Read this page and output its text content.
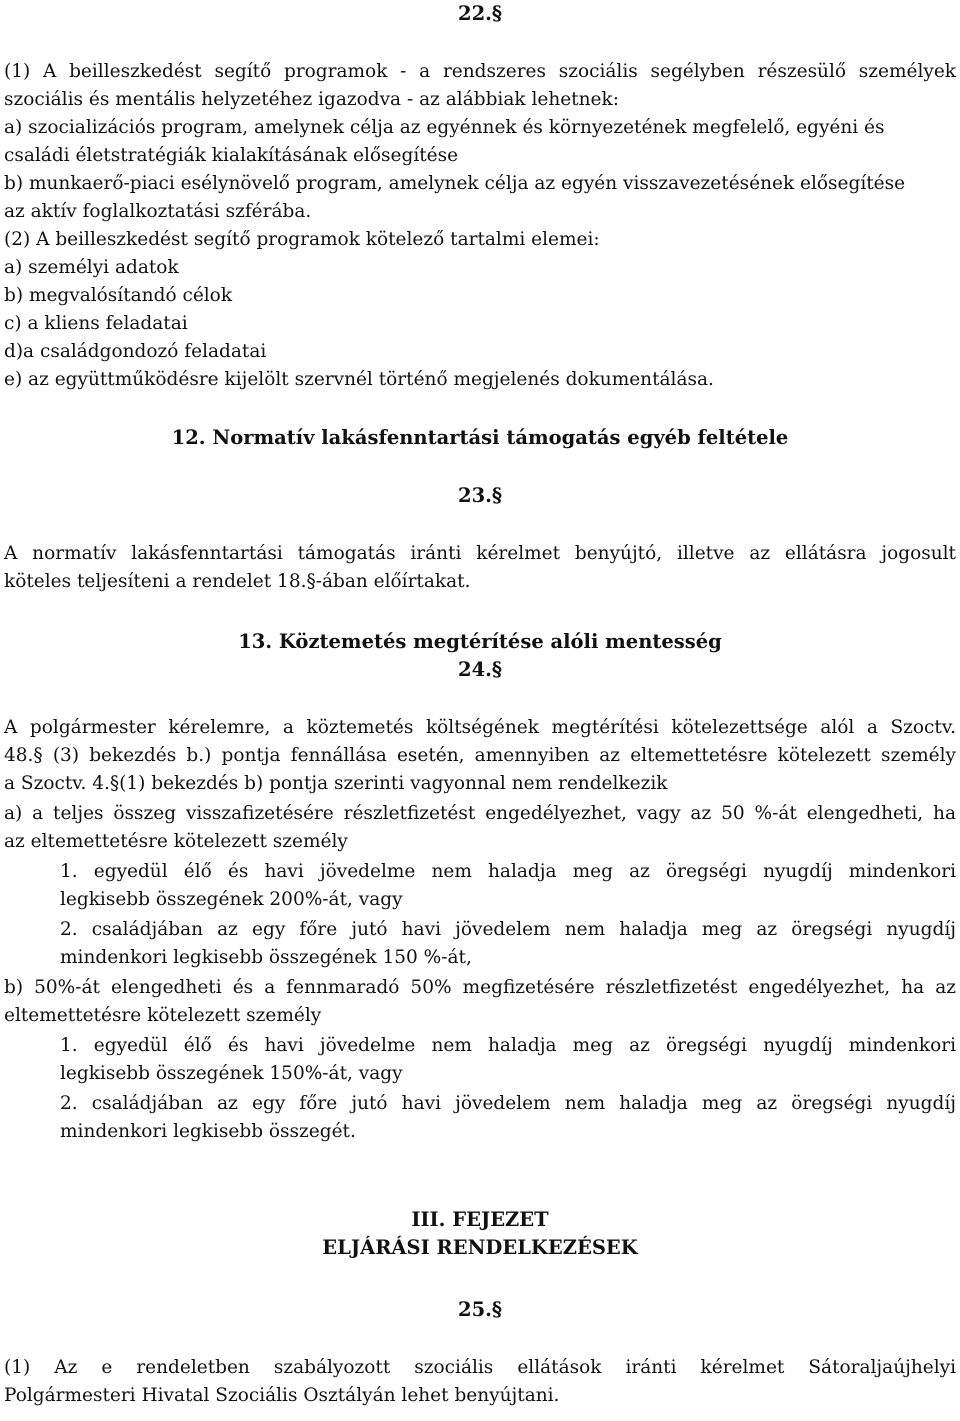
22.§
(1) A beilleszkedést segítő programok - a rendszeres szociális segélyben részesülő személyek
szociális és mentális helyzetéhez igazodva - az alábbiak lehetnek:
a) szocializációs program, amelynek célja az egyénnek és környezetének megfelelő, egyéni és
családi életstratégiák kialakításának elősegítése
b) munkaerő-piaci esélynövelő program, amelynek célja az egyén visszavezetésének elősegítése
az aktív foglalkoztatási szférába.
(2) A beilleszkedést segítő programok kötelező tartalmi elemei:
a) személyi adatok
b) megvalósítandó célok
c) a kliens feladatai
d)a családgondozó feladatai
e) az együttműködésre kijelölt szervnél történő megjelenés dokumentálása.
12. Normatív lakásfenntartási támogatás egyéb feltétele
23.§
A normatív lakásfenntartási támogatás iránti kérelmet benyújtó, illetve az ellátásra jogosult
köteles teljesíteni a rendelet 18.§-ában előírtakat.
13. Köztemetés megtérítése alóli mentesség
24.§
A polgármester kérelemre, a köztemetés költségének megtérítési kötelezettsége alól a Szoctv.
48.§ (3) bekezdés b.) pontja fennállása esetén, amennyiben az eltemettetésre kötelezett személy
a Szoctv. 4.§(1) bekezdés b) pontja szerinti vagyonnal nem rendelkezik
a) a teljes összeg visszafizetésére részletfizetést engedélyezhet, vagy az 50 %-át elengedheti, ha
az eltemettetésre kötelezett személy
1. egyedül élő és havi jövedelme nem haladja meg az öregségi nyugdíj mindenkori
legkisebb összegének 200%-át, vagy
2. családjában az egy főre jutó havi jövedelem nem haladja meg az öregségi nyugdíj
mindenkori legkisebb összegének 150 %-át,
b) 50%-át elengedheti és a fennmaradó 50% megfizetésére részletfizetést engedélyezhet, ha az
eltemettetésre kötelezett személy
1. egyedül élő és havi jövedelme nem haladja meg az öregségi nyugdíj mindenkori
legkisebb összegének 150%-át, vagy
2. családjában az egy főre jutó havi jövedelem nem haladja meg az öregségi nyugdíj
mindenkori legkisebb összegét.
III. FEJEZET
ELJÁRÁSI RENDELKEZÉSEK
25.§
(1) Az e rendeletben szabályozott szociális ellátások iránti kérelmet Sátoraljaújhelyi
Polgármesteri Hivatal Szociális Osztályán lehet benyújtani.
